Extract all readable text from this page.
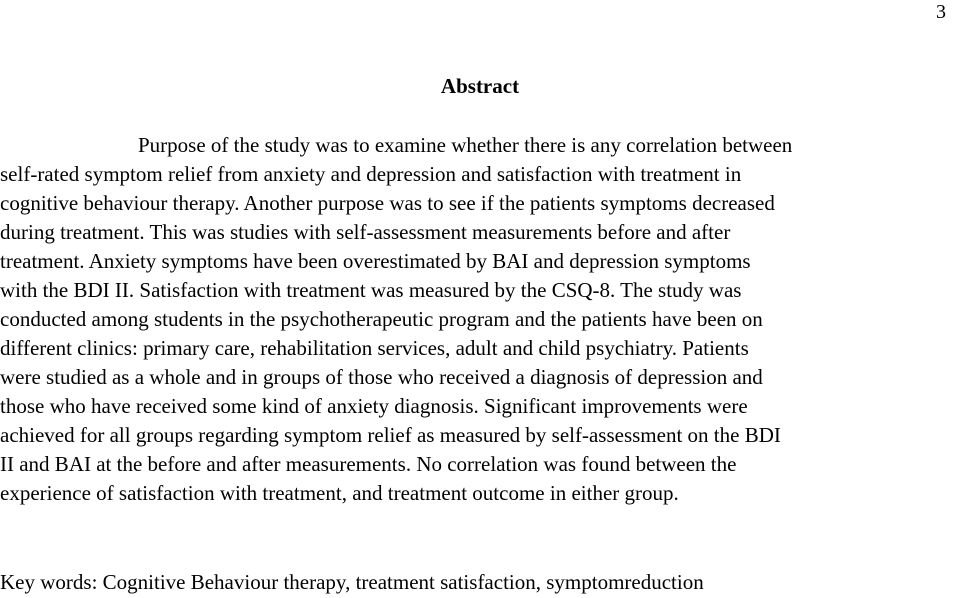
3
Abstract
Purpose of the study was to examine whether there is any correlation between
self-rated symptom relief from anxiety and depression and satisfaction with treatment in
cognitive behaviour therapy. Another purpose was to see if the patients symptoms decreased
during treatment. This was studies with self-assessment measurements before and after
treatment. Anxiety symptoms have been overestimated by BAI and depression symptoms
with the BDI II. Satisfaction with treatment was measured by the CSQ-8. The study was
conducted among students in the psychotherapeutic program and the patients have been on
different clinics: primary care, rehabilitation services, adult and child psychiatry. Patients
were studied as a whole and in groups of those who received a diagnosis of depression and
those who have received some kind of anxiety diagnosis. Significant improvements were
achieved for all groups regarding symptom relief as measured by self-assessment on the BDI
II and BAI at the before and after measurements. No correlation was found between the
experience of satisfaction with treatment, and treatment outcome in either group.
Key words: Cognitive Behaviour therapy, treatment satisfaction, symptomreduction
